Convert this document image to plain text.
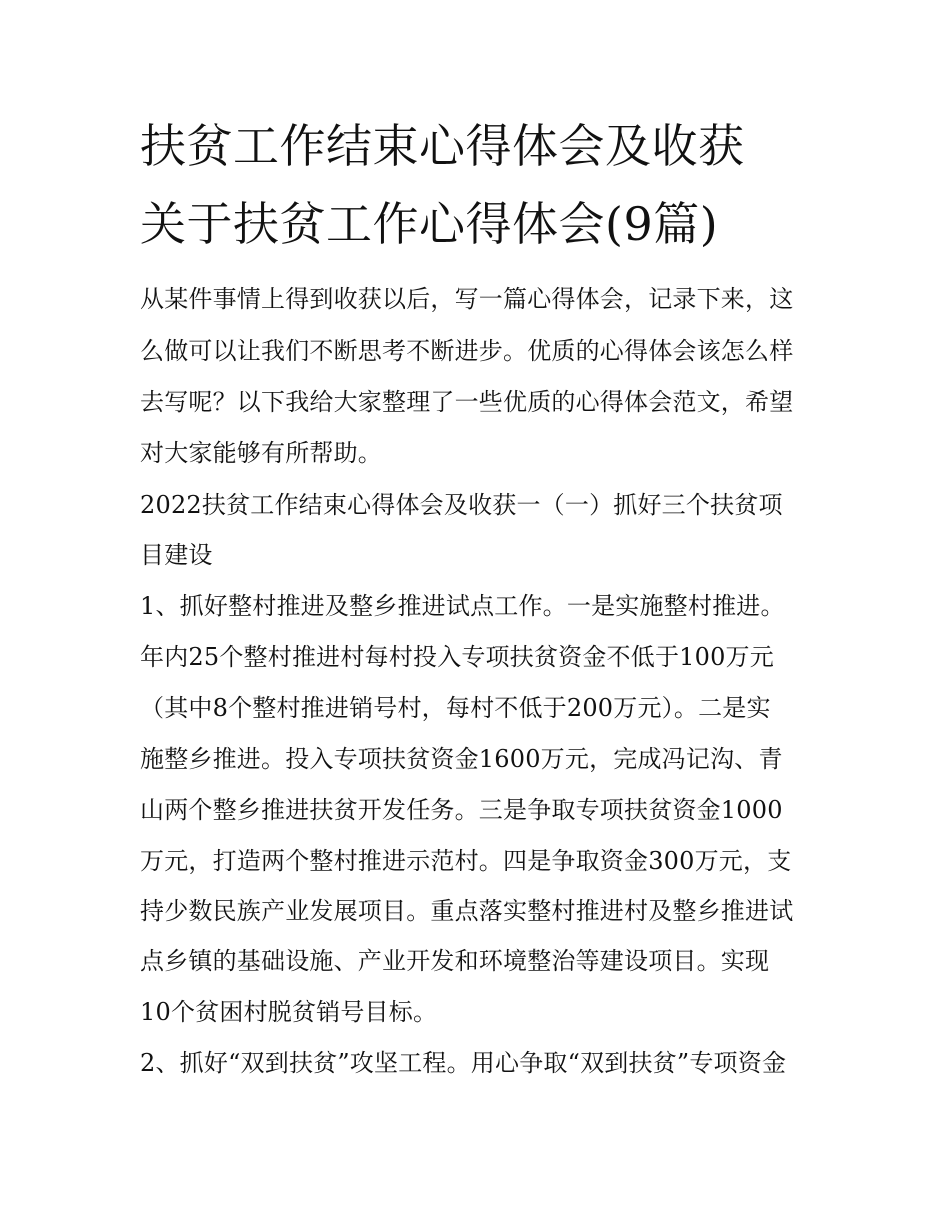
扶贫工作结束心得体会及收获
关于扶贫工作心得体会(9篇)
从某件事情上得到收获以后，写一篇心得体会，记录下来，这
么做可以让我们不断思考不断进步。优质的心得体会该怎么样
去写呢？以下我给大家整理了一些优质的心得体会范文，希望
对大家能够有所帮助。
2022扶贫工作结束心得体会及收获一（一）抓好三个扶贫项
目建设
1、抓好整村推进及整乡推进试点工作。一是实施整村推进。
年内25个整村推进村每村投入专项扶贫资金不低于100万元
（其中8个整村推进销号村，每村不低于200万元）。二是实
施整乡推进。投入专项扶贫资金1600万元，完成冯记沟、青
山两个整乡推进扶贫开发任务。三是争取专项扶贫资金1000
万元，打造两个整村推进示范村。四是争取资金300万元，支
持少数民族产业发展项目。重点落实整村推进村及整乡推进试
点乡镇的基础设施、产业开发和环境整治等建设项目。实现
10个贫困村脱贫销号目标。
2、抓好“双到扶贫”攻坚工程。用心争取“双到扶贫”专项资金
